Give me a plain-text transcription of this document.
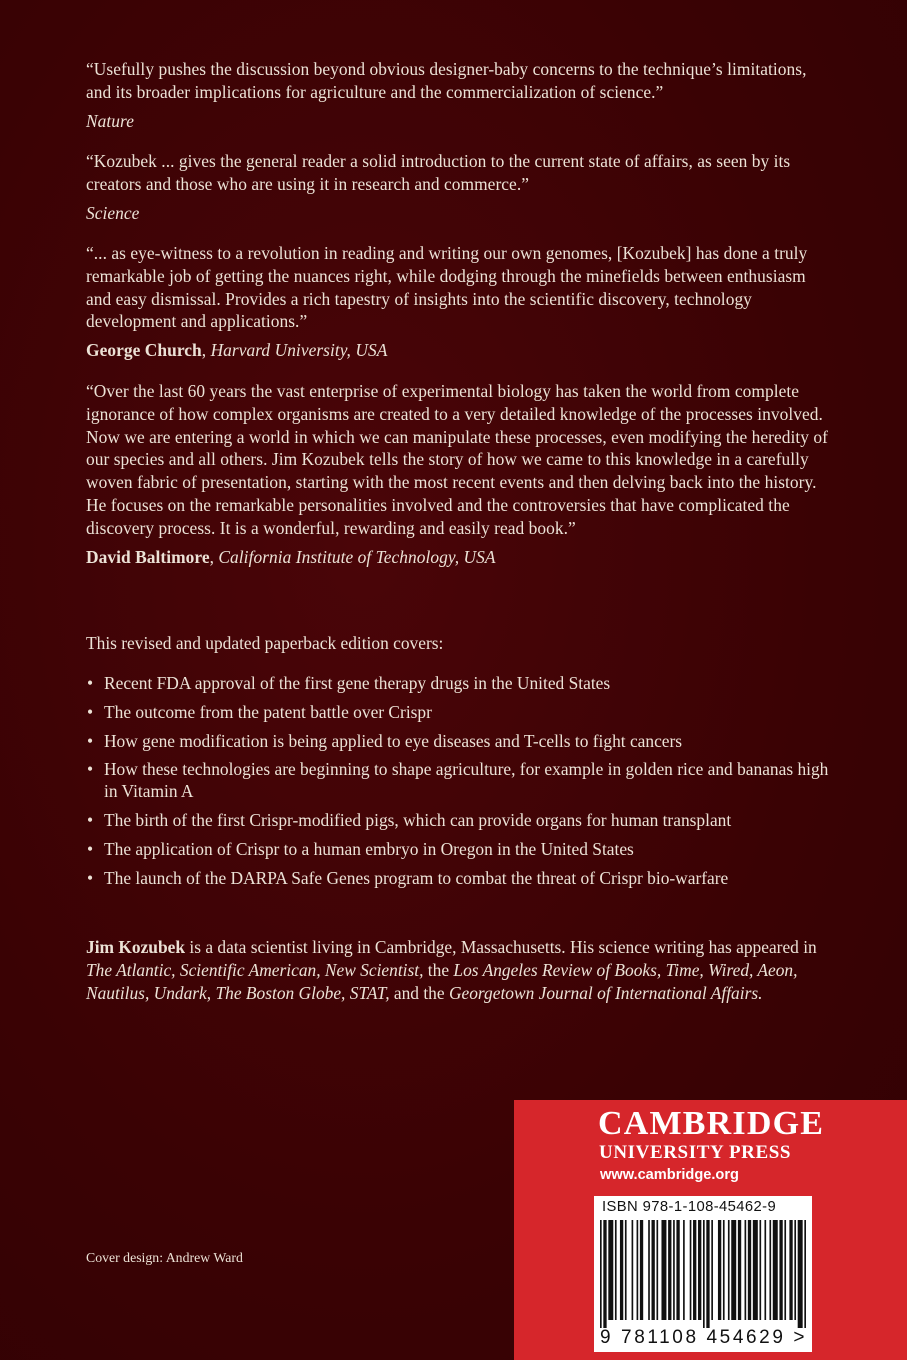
“Usefully pushes the discussion beyond obvious designer-baby concerns to the technique’s limitations, and its broader implications for agriculture and the commercialization of science.”

Nature

“Kozubek ... gives the general reader a solid introduction to the current state of affairs, as seen by its creators and those who are using it in research and commerce.”

Science

“... as eye-witness to a revolution in reading and writing our own genomes, [Kozubek] has done a truly remarkable job of getting the nuances right, while dodging through the minefields between enthusiasm and easy dismissal. Provides a rich tapestry of insights into the scientific discovery, technology development and applications.”

George Church, Harvard University, USA

“Over the last 60 years the vast enterprise of experimental biology has taken the world from complete ignorance of how complex organisms are created to a very detailed knowledge of the processes involved. Now we are entering a world in which we can manipulate these processes, even modifying the heredity of our species and all others. Jim Kozubek tells the story of how we came to this knowledge in a carefully woven fabric of presentation, starting with the most recent events and then delving back into the history. He focuses on the remarkable personalities involved and the controversies that have complicated the discovery process. It is a wonderful, rewarding and easily read book.”

David Baltimore, California Institute of Technology, USA
This revised and updated paperback edition covers:
• Recent FDA approval of the first gene therapy drugs in the United States
• The outcome from the patent battle over Crispr
• How gene modification is being applied to eye diseases and T-cells to fight cancers
• How these technologies are beginning to shape agriculture, for example in golden rice and bananas high in Vitamin A
• The birth of the first Crispr-modified pigs, which can provide organs for human transplant
• The application of Crispr to a human embryo in Oregon in the United States
• The launch of the DARPA Safe Genes program to combat the threat of Crispr bio-warfare
Jim Kozubek is a data scientist living in Cambridge, Massachusetts. His science writing has appeared in The Atlantic, Scientific American, New Scientist, the Los Angeles Review of Books, Time, Wired, Aeon, Nautilus, Undark, The Boston Globe, STAT, and the Georgetown Journal of International Affairs.
Cover design: Andrew Ward
CAMBRIDGE
UNIVERSITY PRESS
www.cambridge.org
ISBN 978-1-108-45462-9
9 781108 454629 >
